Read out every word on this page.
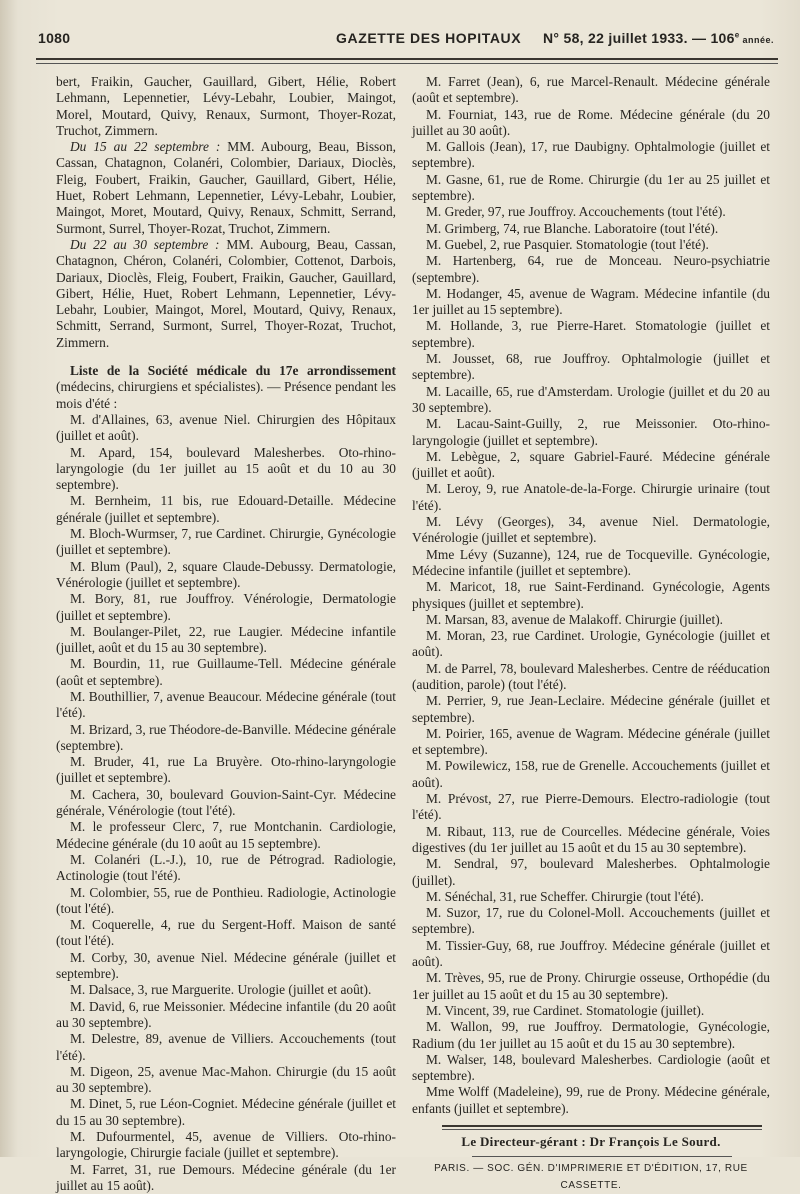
1080	GAZETTE DES HOPITAUX N° 58, 22 juillet 1933. — 106e année.

bert, Fraikin, Gaucher, Gauillard, Gibert, Hélie, Robert Lehmann, Lepennetier, Lévy-Lebahr, Loubier, Maingot, Morel, Moutard, Quivy, Renaux, Surmont, Thoyer-Rozat, Truchot, Zimmern.

Du 15 au 22 septembre : MM. Aubourg, Beau, Bisson, Cassan, Chatagnon, Colanéri, Colombier, Dariaux, Dioclès, Fleig, Foubert, Fraikin, Gaucher, Gauillard, Gibert, Hélie, Huet, Robert Lehmann, Lepennetier, Lévy-Lebahr, Loubier, Maingot, Moret, Moutard, Quivy, Renaux, Schmitt, Serrand, Surmont, Surrel, Thoyer-Rozat, Truchot, Zimmern.

Du 22 au 30 septembre : MM. Aubourg, Beau, Cassan, Chatagnon, Chéron, Colanéri, Colombier, Cottenot, Darbois, Dariaux, Dioclès, Fleig, Foubert, Fraikin, Gaucher, Gauillard, Gibert, Hélie, Huet, Robert Lehmann, Lepennetier, Lévy-Lebahr, Loubier, Maingot, Morel, Moutard, Quivy, Renaux, Schmitt, Serrand, Surmont, Surrel, Thoyer-Rozat, Truchot, Zimmern.

Liste de la Société médicale du 17e arrondissement (médecins, chirurgiens et spécialistes). — Présence pendant les mois d'été :

M. d'Allaines, 63, avenue Niel. Chirurgien des Hôpitaux (juillet et août).

M. Apard, 154, boulevard Malesherbes. Oto-rhino-laryngologie (du 1er juillet au 15 août et du 10 au 30 septembre).

M. Bernheim, 11 bis, rue Edouard-Detaille. Médecine générale (juillet et septembre).

M. Bloch-Wurmser, 7, rue Cardinet. Chirurgie, Gynécologie (juillet et septembre).

M. Blum (Paul), 2, square Claude-Debussy. Dermatologie, Vénérologie (juillet et septembre).

M. Bory, 81, rue Jouffroy. Vénérologie, Dermatologie (juillet et septembre).

M. Boulanger-Pilet, 22, rue Laugier. Médecine infantile (juillet, août et du 15 au 30 septembre).

M. Bourdin, 11, rue Guillaume-Tell. Médecine générale (août et septembre).

M. Bouthillier, 7, avenue Beaucour. Médecine générale (tout l'été).

M. Brizard, 3, rue Théodore-de-Banville. Médecine générale (septembre).

M. Bruder, 41, rue La Bruyère. Oto-rhino-laryngologie (juillet et septembre).

M. Cachera, 30, boulevard Gouvion-Saint-Cyr. Médecine générale, Vénérologie (tout l'été).

M. le professeur Clerc, 7, rue Montchanin. Cardiologie, Médecine générale (du 10 août au 15 septembre).

M. Colanéri (L.-J.), 10, rue de Pétrograd. Radiologie, Actinologie (tout l'été).

M. Colombier, 55, rue de Ponthieu. Radiologie, Actinologie (tout l'été).

M. Coquerelle, 4, rue du Sergent-Hoff. Maison de santé (tout l'été).

M. Corby, 30, avenue Niel. Médecine générale (juillet et septembre).

M. Dalsace, 3, rue Marguerite. Urologie (juillet et août).

M. David, 6, rue Meissonier. Médecine infantile (du 20 août au 30 septembre).

M. Delestre, 89, avenue de Villiers. Accouchements (tout l'été).

M. Digeon, 25, avenue Mac-Mahon. Chirurgie (du 15 août au 30 septembre).

M. Dinet, 5, rue Léon-Cogniet. Médecine générale (juillet et du 15 au 30 septembre).

M. Dufourmentel, 45, avenue de Villiers. Oto-rhino-laryngologie, Chirurgie faciale (juillet et septembre).

M. Farret, 31, rue Demours. Médecine générale (du 1er juillet au 15 août).

M. Farret (Jean), 6, rue Marcel-Renault. Médecine générale (août et septembre).

M. Fourniat, 143, rue de Rome. Médecine générale (du 20 juillet au 30 août).

M. Gallois (Jean), 17, rue Daubigny. Ophtalmologie (juillet et septembre).

M. Gasne, 61, rue de Rome. Chirurgie (du 1er au 25 juillet et septembre).

M. Greder, 97, rue Jouffroy. Accouchements (tout l'été).

M. Grimberg, 74, rue Blanche. Laboratoire (tout l'été).

M. Guebel, 2, rue Pasquier. Stomatologie (tout l'été).

M. Hartenberg, 64, rue de Monceau. Neuro-psychiatrie (septembre).

M. Hodanger, 45, avenue de Wagram. Médecine infantile (du 1er juillet au 15 septembre).

M. Hollande, 3, rue Pierre-Haret. Stomatologie (juillet et septembre).

M. Jousset, 68, rue Jouffroy. Ophtalmologie (juillet et septembre).

M. Lacaille, 65, rue d'Amsterdam. Urologie (juillet et du 20 au 30 septembre).

M. Lacau-Saint-Guilly, 2, rue Meissonier. Oto-rhino-laryngologie (juillet et septembre).

M. Lebègue, 2, square Gabriel-Fauré. Médecine générale (juillet et août).

M. Leroy, 9, rue Anatole-de-la-Forge. Chirurgie urinaire (tout l'été).

M. Lévy (Georges), 34, avenue Niel. Dermatologie, Vénérologie (juillet et septembre).

Mme Lévy (Suzanne), 124, rue de Tocqueville. Gynécologie, Médecine infantile (juillet et septembre).

M. Maricot, 18, rue Saint-Ferdinand. Gynécologie, Agents physiques (juillet et septembre).

M. Marsan, 83, avenue de Malakoff. Chirurgie (juillet).

M. Moran, 23, rue Cardinet. Urologie, Gynécologie (juillet et août).

M. de Parrel, 78, boulevard Malesherbes. Centre de rééducation (audition, parole) (tout l'été).

M. Perrier, 9, rue Jean-Leclaire. Médecine générale (juillet et septembre).

M. Poirier, 165, avenue de Wagram. Médecine générale (juillet et septembre).

M. Powilewicz, 158, rue de Grenelle. Accouchements (juillet et août).

M. Prévost, 27, rue Pierre-Demours. Electro-radiologie (tout l'été).

M. Ribaut, 113, rue de Courcelles. Médecine générale, Voies digestives (du 1er juillet au 15 août et du 15 au 30 septembre).

M. Sendral, 97, boulevard Malesherbes. Ophtalmologie (juillet).

M. Sénéchal, 31, rue Scheffer. Chirurgie (tout l'été).

M. Suzor, 17, rue du Colonel-Moll. Accouchements (juillet et septembre).

M. Tissier-Guy, 68, rue Jouffroy. Médecine générale (juillet et août).

M. Trèves, 95, rue de Prony. Chirurgie osseuse, Orthopédie (du 1er juillet au 15 août et du 15 au 30 septembre).

M. Vincent, 39, rue Cardinet. Stomatologie (juillet).

M. Wallon, 99, rue Jouffroy. Dermatologie, Gynécologie, Radium (du 1er juillet au 15 août et du 15 au 30 septembre).

M. Walser, 148, boulevard Malesherbes. Cardiologie (août et septembre).

Mme Wolff (Madeleine), 99, rue de Prony. Médecine générale, enfants (juillet et septembre).

Le Directeur-gérant : Dr François Le Sourd.
PARIS. — SOC. GÉN. D'IMPRIMERIE ET D'ÉDITION, 17, RUE CASSETTE.
